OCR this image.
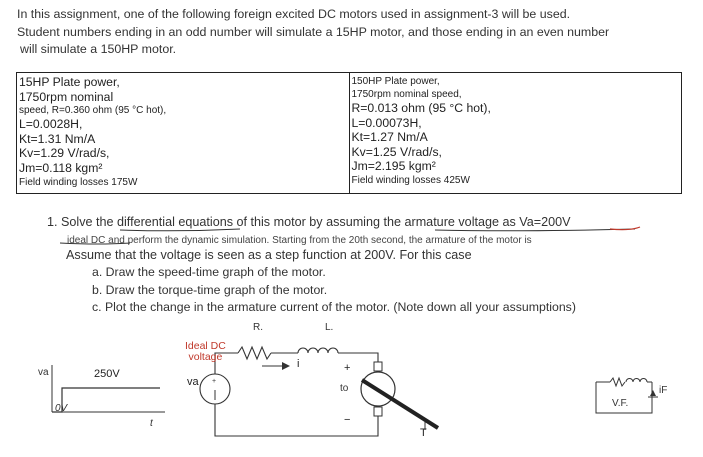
In this assignment, one of the following foreign excited DC motors used in assignment-3 will be used.
Student numbers ending in an odd number will simulate a 15HP motor, and those ending in an even number
will simulate a 150HP motor.
15HP Plate power,
1750rpm nominal
speed, R=0.360 ohm (95 °C hot),
L=0.0028H,
Kt=1.31 Nm/A
Kv=1.29 V/rad/s,
Jm=0.118 kgm²
Field winding losses 175W
150HP Plate power,
1750rpm nominal speed,
R=0.013 ohm (95 °C hot),
L=0.00073H,
Kt=1.27 Nm/A
Kv=1.25 V/rad/s,
Jm=2.195 kgm²
Field winding losses 425W
1. Solve the differential equations of this motor by assuming the armature voltage as Va=200V
ideal DC and perform the dynamic simulation. Starting from the 20th second, the armature of the motor is
Assume that the voltage is seen as a step function at 200V. For this case
a. Draw the speed-time graph of the motor.
b. Draw the torque-time graph of the motor.
c. Plot the change in the armature current of the motor. (Note down all your assumptions)
va	250V
0V
t
+
Ideal DC
voltage
R.	L.
i
va
+
to
−
T
V.F.
iF
